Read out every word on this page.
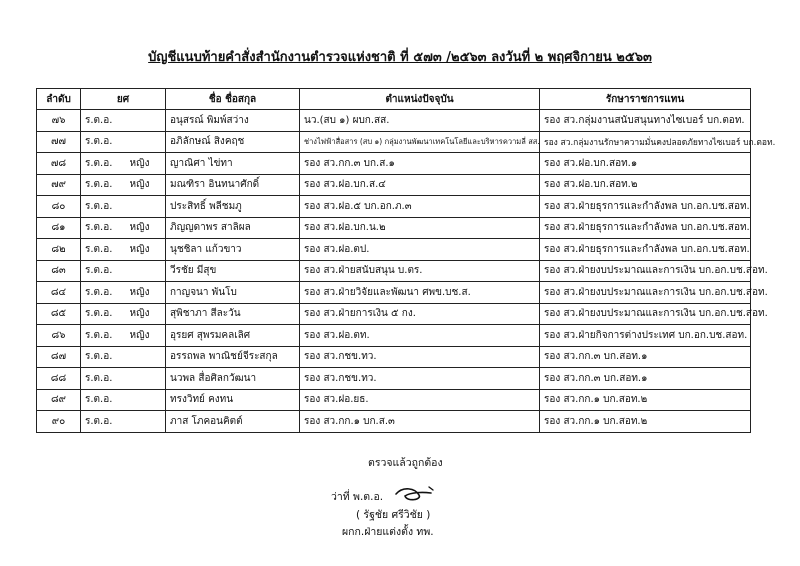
บัญชีแนบท้ายคำสั่งสำนักงานตำรวจแห่งชาติ ที่ ๕๗๓ /๒๕๖๓ ลงวันที่ ๒ พฤศจิกายน ๒๕๖๓
ลำดับ	ยศ		ชื่อ ชื่อสกุล	ตำแหน่งปัจจุบัน	รักษาราชการแทน
๗๖	ร.ต.อ.		อนุสรณ์ พิมพ์สว่าง	นว.(สบ ๑) ผบก.สส.	รอง สว.กลุ่มงานสนับสนุนทางไซเบอร์ บก.ตอท.
๗๗	ร.ต.อ.		อภิลักษณ์ สิงคฤช	ช่างไฟฟ้าสื่อสาร (สบ ๑) กลุ่มงานพัฒนาเทคโนโลยีและบริหารความลี่ สส.	รอง สว.กลุ่มงานรักษาความมั่นคงปลอดภัยทางไซเบอร์ บก.ตอท.
๗๘	ร.ต.อ.	หญิง	ญาณิศา ไข่ทา	รอง สว.กก.๓ บก.ส.๑	รอง สว.ฝอ.บก.สอท.๑
๗๙	ร.ต.อ.	หญิง	มณฑิรา อินทนาศักดิ์	รอง สว.ฝอ.บก.ส.๔	รอง สว.ฝอ.บก.สอท.๒
๘๐	ร.ต.อ.		ประสิทธิ์ พลีชมภู	รอง สว.ฝอ.๕ บก.อก.ภ.๓	รอง สว.ฝ่ายธุรการและกำลังพล บก.อก.บช.สอท.
๘๑	ร.ต.อ.	หญิง	ภิญญดาพร สาลิผล	รอง สว.ฝอ.บก.น.๒	รอง สว.ฝ่ายธุรการและกำลังพล บก.อก.บช.สอท.
๘๒	ร.ต.อ.	หญิง	นุชชิลา แก้วขาว	รอง สว.ฝอ.ตป.	รอง สว.ฝ่ายธุรการและกำลังพล บก.อก.บช.สอท.
๘๓	ร.ต.อ.		วีรชัย มีสุข	รอง สว.ฝ่ายสนับสนุน บ.ตร.	รอง สว.ฝ่ายงบประมาณและการเงิน บก.อก.บช.สอท.
๘๔	ร.ต.อ.	หญิง	กาญจนา พันโบ	รอง สว.ฝ่ายวิจัยและพัฒนา ศพข.บช.ส.	รอง สว.ฝ่ายงบประมาณและการเงิน บก.อก.บช.สอท.
๘๕	ร.ต.อ.	หญิง	สุพิชาภา สีละวัน	รอง สว.ฝ่ายการเงิน ๕ กง.	รอง สว.ฝ่ายงบประมาณและการเงิน บก.อก.บช.สอท.
๘๖	ร.ต.อ.	หญิง	อุรยศ สุพรมคลเลิศ	รอง สว.ฝอ.ตท.	รอง สว.ฝ่ายกิจการต่างประเทศ บก.อก.บช.สอท.
๘๗	ร.ต.อ.		อรรถพล พาณิชย์จีระสกุล	รอง สว.กชข.ทว.	รอง สว.กก.๓ บก.สอท.๑
๘๘	ร.ต.อ.		นวพล สื่อศิลกวัฒนา	รอง สว.กชข.ทว.	รอง สว.กก.๓ บก.สอท.๑
๘๙	ร.ต.อ.		ทรงวิทย์ คงทน	รอง สว.ฝอ.ยธ.	รอง สว.กก.๑ บก.สอท.๒
๙๐	ร.ต.อ.		ภาส โภคอนคิตต์	รอง สว.กก.๑ บก.ส.๓	รอง สว.กก.๑ บก.สอท.๒
ตรวจแล้วถูกต้อง
ว่าที่ พ.ต.อ.
( รัฐชัย ศรีวิชัย )
ผกก.ฝ่ายแต่งตั้ง ทพ.
